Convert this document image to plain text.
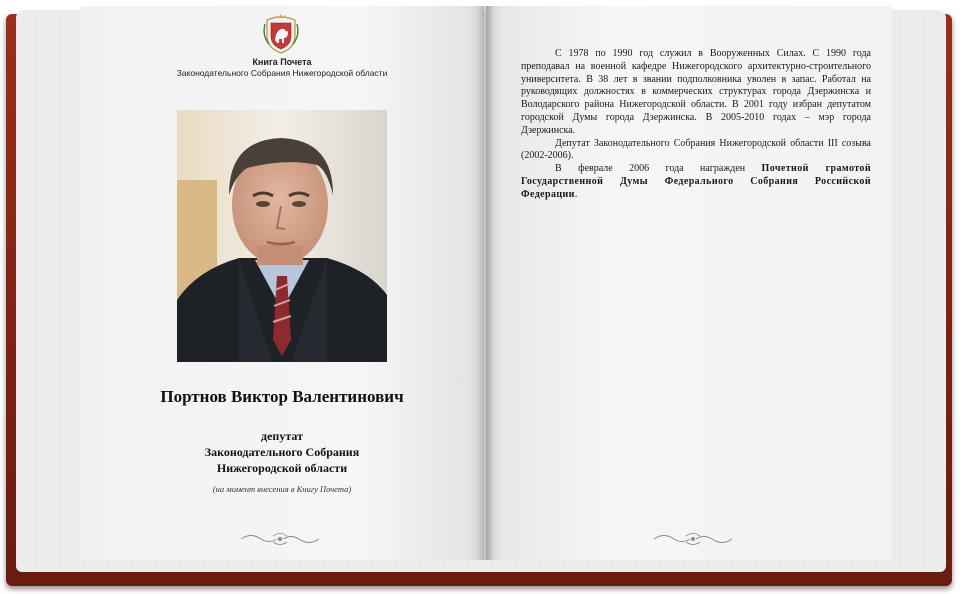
Книга Почета
Законодательного Собрания Нижегородской области
Портнов Виктор Валентинович
депутат
Законодательного Собрания
Нижегородской области
(на момент внесения в Книгу Почета)

С 1978 по 1990 год служил в Вооруженных Силах. С 1990 года преподавал на военной кафедре Нижегородского архитектурно-строительного университета. В 38 лет в звании подполковника уволен в запас. Работал на руководящих должностях в коммерческих структурах города Дзержинска и Володарского района Нижегородской области. В 2001 году избран депутатом городской Думы города Дзержинска. В 2005-2010 годах – мэр города Дзержинска.

Депутат Законодательного Собрания Нижегородской области III созыва (2002-2006).

В феврале 2006 года награжден Почетной грамотой Государственной Думы Федерального Собрания Российской Федерации.
